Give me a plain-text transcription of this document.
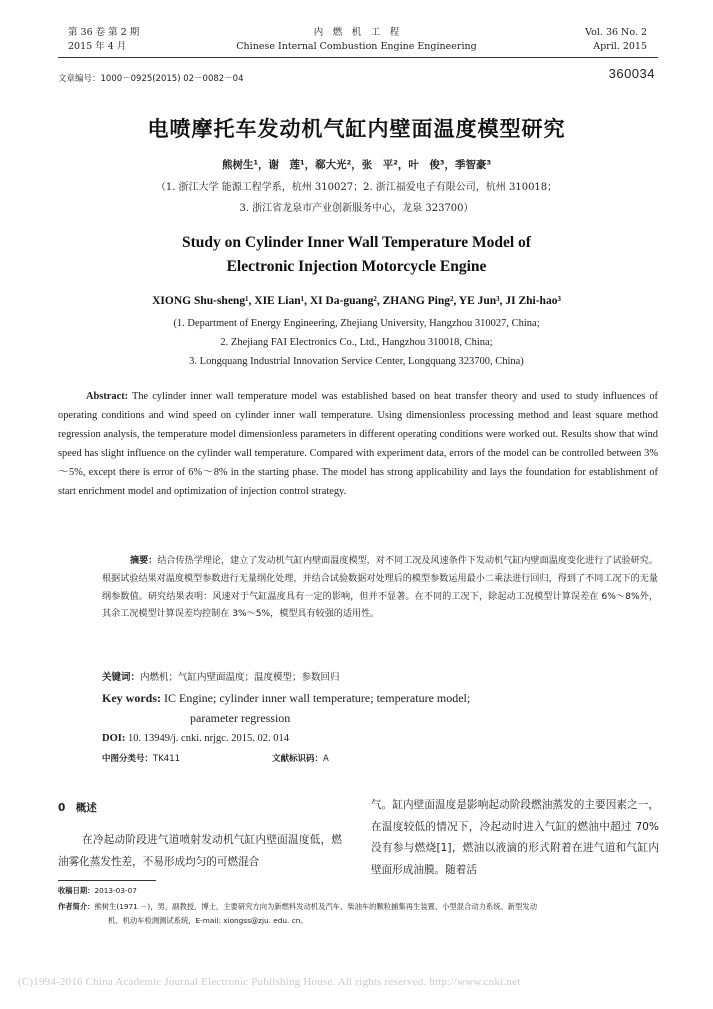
第 36 卷 第 2 期
2015 年 4 月
内　燃　机　工　程
Chinese Internal Combustion Engine Engineering
Vol. 36 No. 2
April. 2015
文章编号：1000－0925(2015) 02－0082－04	360034
电喷摩托车发动机气缸内壁面温度模型研究
熊树生¹，谢　莲¹，郗大光²，张　平²，叶　俊³，季智豪³
（1. 浙江大学 能源工程学系，杭州 310027；2. 浙江福爱电子有限公司，杭州 310018；
3. 浙江省龙泉市产业创新服务中心，龙泉 323700）
Study on Cylinder Inner Wall Temperature Model of
Electronic Injection Motorcycle Engine
XIONG Shu-sheng¹, XIE Lian¹, XI Da-guang², ZHANG Ping², YE Jun³, JI Zhi-hao³
(1. Department of Energy Engineering, Zhejiang University, Hangzhou 310027, China;
2. Zhejiang FAI Electronics Co., Ltd., Hangzhou 310018, China;
3. Longquang Industrial Innovation Service Center, Longquang 323700, China)
Abstract: The cylinder inner wall temperature model was established based on heat transfer theory and used to study influences of operating conditions and wind speed on cylinder inner wall temperature. Using dimensionless processing method and least square method regression analysis, the temperature model dimensionless parameters in different operating conditions were worked out. Results show that wind speed has slight influence on the cylinder wall temperature. Compared with experiment data, errors of the model can be controlled between 3%～5%, except there is error of 6%～8% in the starting phase. The model has strong applicability and lays the foundation for establishment of start enrichment model and optimization of injection control strategy.
摘要：结合传热学理论，建立了发动机气缸内壁面温度模型，对不同工况及风速条件下发动机气缸内壁面温度变化进行了试验研究。根据试验结果对温度模型参数进行无量纲化处理，并结合试验数据对处理后的模型参数运用最小二乘法进行回归，得到了不同工况下的无量纲参数值。研究结果表明：风速对于气缸温度具有一定的影响，但并不显著。在不同的工况下，除起动工况模型计算误差在 6%～8%外，其余工况模型计算误差均控制在 3%～5%，模型具有较强的适用性。
关键词：内燃机；气缸内壁面温度；温度模型；参数回归
Key words: IC Engine; cylinder inner wall temperature; temperature model;
parameter regression
DOI: 10. 13949/j. cnki. nrjgc. 2015. 02. 014
中图分类号：TK411	文献标识码：A
0　概述
在冷起动阶段进气道喷射发动机气缸内壁面温度低，燃油雾化蒸发性差，不易形成均匀的可燃混合
气。缸内壁面温度是影响起动阶段燃油蒸发的主要因素之一，在温度较低的情况下，冷起动时进入气缸的燃油中超过 70%没有参与燃烧[1]，燃油以液滴的形式附着在进气道和气缸内壁面形成油膜。随着活
收稿日期：2013-03-07
作者简介：熊树生(1971 －)，男，副教授，博士，主要研究方向为新燃料发动机及汽车、柴油车的颗粒捕集再生装置、小型混合动力系统、新型发动
机、机动车检测测试系统，E-mail: xiongss@zju. edu. cn。
(C)1994-2016 China Academic Journal Electronic Publishing House. All rights reserved. http://www.cnki.net
